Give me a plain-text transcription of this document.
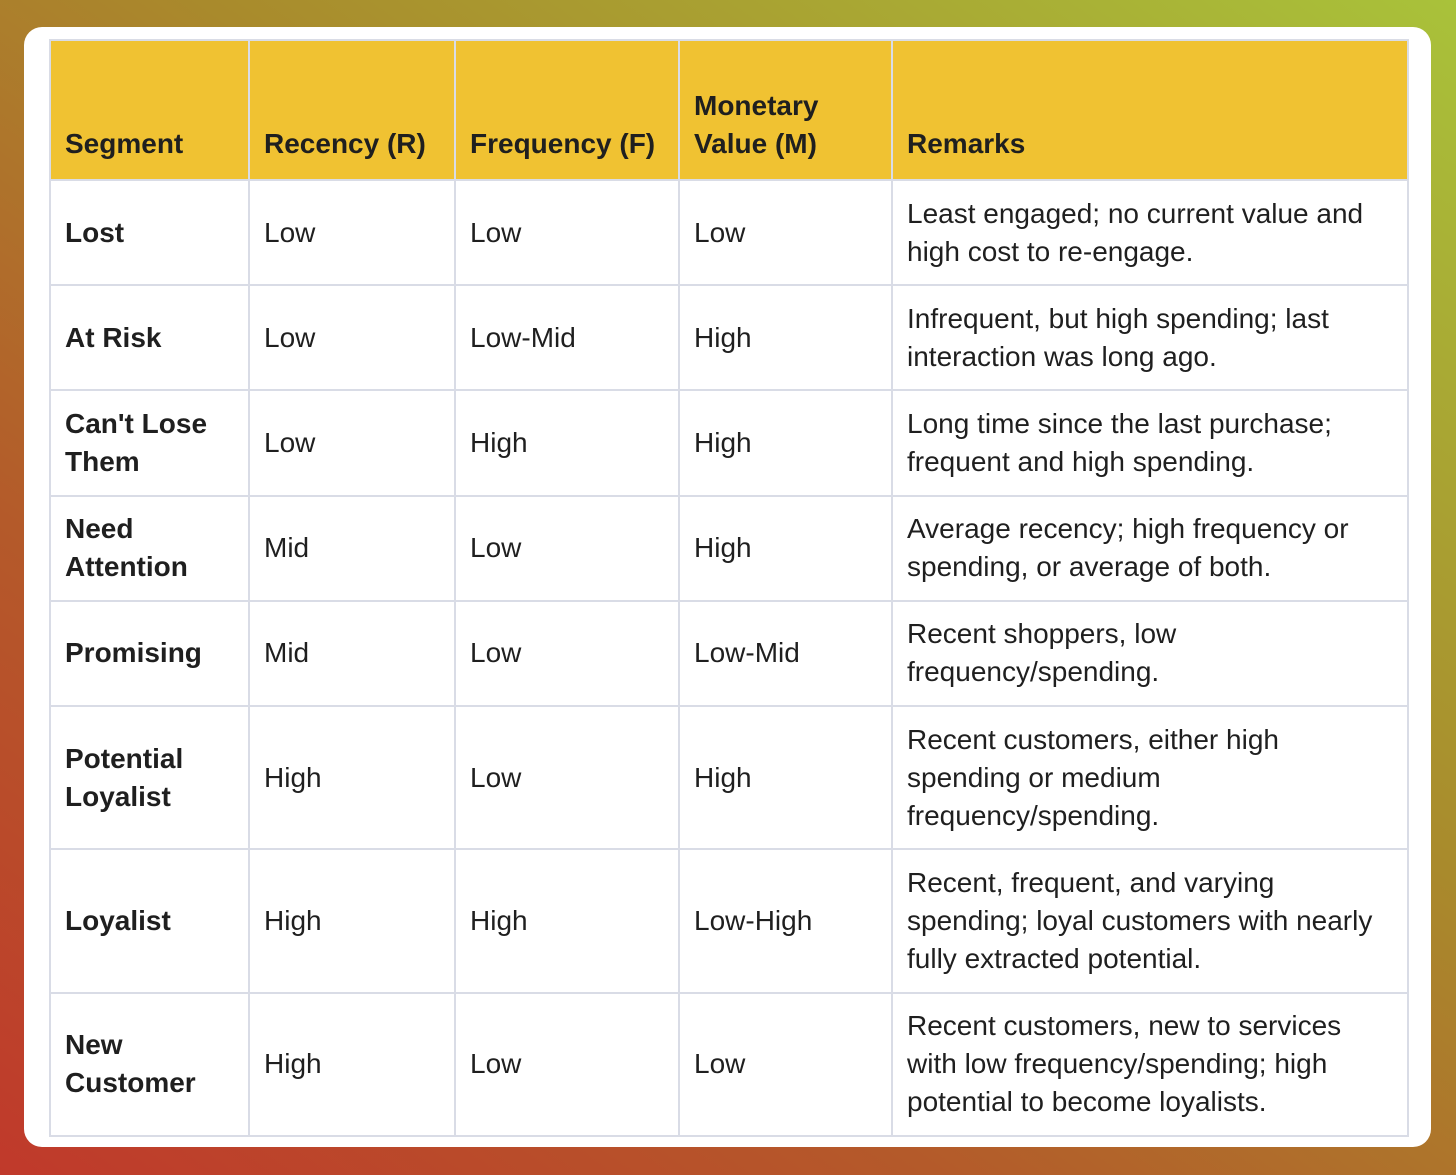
Segment	Recency (R)	Frequency (F)	Monetary Value (M)	Remarks
Lost	Low	Low	Low	Least engaged; no current value and high cost to re-engage.
At Risk	Low	Low-Mid	High	Infrequent, but high spending; last interaction was long ago.
Can't Lose Them	Low	High	High	Long time since the last purchase; frequent and high spending.
Need Attention	Mid	Low	High	Average recency; high frequency or spending, or average of both.
Promising	Mid	Low	Low-Mid	Recent shoppers, low frequency/spending.
Potential Loyalist	High	Low	High	Recent customers, either high spending or medium frequency/spending.
Loyalist	High	High	Low-High	Recent, frequent, and varying spending; loyal customers with nearly fully extracted potential.
New Customer	High	Low	Low	Recent customers, new to services with low frequency/spending; high potential to become loyalists.
